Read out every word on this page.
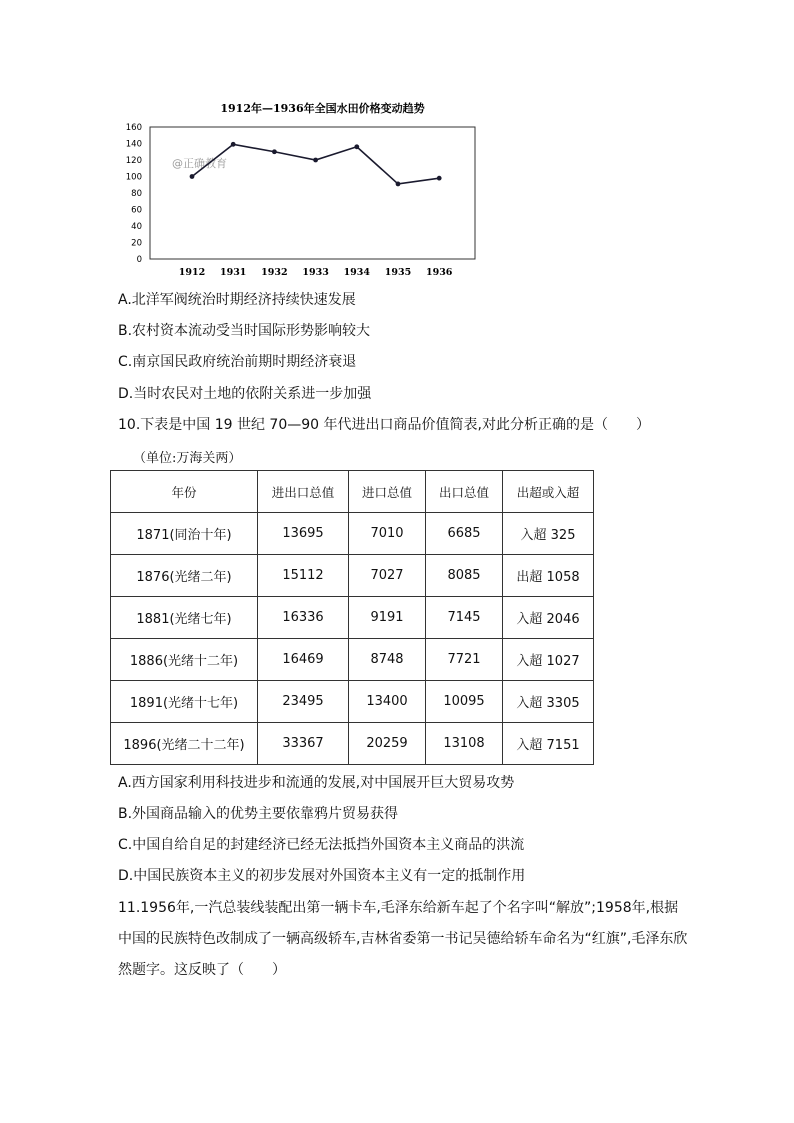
1912年—1936年全国水田价格变动趋势
0
20
40
60
80
100
120
140
160
1912 1931 1932 1933 1934 1935 1936
@正确教育
A.北洋军阀统治时期经济持续快速发展
B.农村资本流动受当时国际形势影响较大
C.南京国民政府统治前期时期经济衰退
D.当时农民对土地的依附关系进一步加强
10.下表是中国 19 世纪 70—90 年代进出口商品价值简表,对此分析正确的是（　　）
（单位:万海关两）
年份	进出口总值	进口总值	出口总值	出超或入超
1871(同治十年)	13695	7010	6685	入超 325
1876(光绪二年)	15112	7027	8085	出超 1058
1881(光绪七年)	16336	9191	7145	入超 2046
1886(光绪十二年)	16469	8748	7721	入超 1027
1891(光绪十七年)	23495	13400	10095	入超 3305
1896(光绪二十二年)	33367	20259	13108	入超 7151
A.西方国家利用科技进步和流通的发展,对中国展开巨大贸易攻势
B.外国商品输入的优势主要依靠鸦片贸易获得
C.中国自给自足的封建经济已经无法抵挡外国资本主义商品的洪流
D.中国民族资本主义的初步发展对外国资本主义有一定的抵制作用
11.1956年,一汽总装线装配出第一辆卡车,毛泽东给新车起了个名字叫“解放”;1958年,根据中国的民族特色改制成了一辆高级轿车,吉林省委第一书记吴德给轿车命名为“红旗”,毛泽东欣然题字。这反映了（　　）
